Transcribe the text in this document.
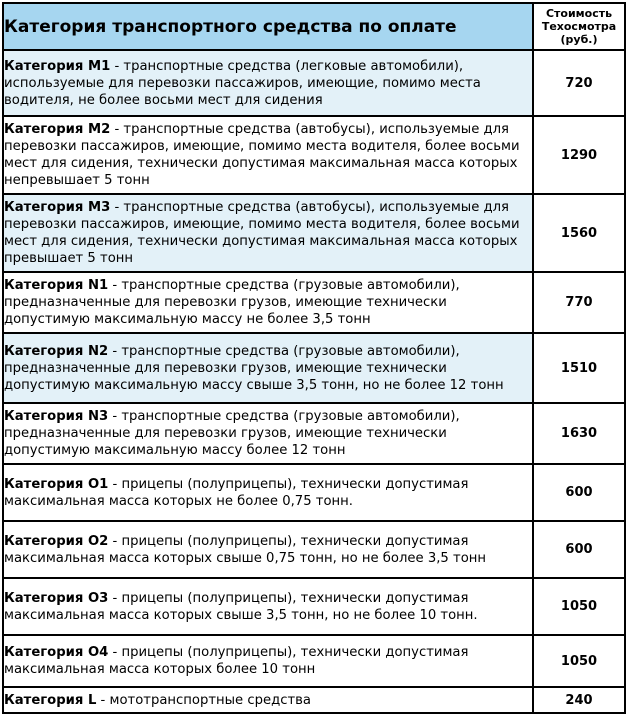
Категория транспортного средства по оплате	Стоимость
Техосмотра
(руб.)
Категория М1 - транспортные средства (легковые автомобили), используемые для перевозки пассажиров, имеющие, помимо места водителя, не более восьми мест для сидения	720
Категория М2 - транспортные средства (автобусы), используемые для перевозки пассажиров, имеющие, помимо места водителя, более восьми мест для сидения, технически допустимая максимальная масса которых непревышает 5 тонн	1290
Категория М3 - транспортные средства (автобусы), используемые для перевозки пассажиров, имеющие, помимо места водителя, более восьми мест для сидения, технически допустимая максимальная масса которых превышает 5 тонн	1560
Категория N1 - транспортные средства (грузовые автомобили), предназначенные для перевозки грузов, имеющие технически допустимую максимальную массу не более 3,5 тонн	770
Категория N2 - транспортные средства (грузовые автомобили), предназначенные для перевозки грузов, имеющие технически допустимую максимальную массу свыше 3,5 тонн, но не более 12 тонн	1510
Категория N3 - транспортные средства (грузовые автомобили), предназначенные для перевозки грузов, имеющие технически допустимую максимальную массу более 12 тонн	1630
Категория O1 - прицепы (полуприцепы), технически допустимая максимальная масса которых не более 0,75 тонн.	600
Категория O2 - прицепы (полуприцепы), технически допустимая максимальная масса которых свыше 0,75 тонн, но не более 3,5 тонн	600
Категория O3 - прицепы (полуприцепы), технически допустимая максимальная масса которых свыше 3,5 тонн, но не более 10 тонн.	1050
Категория O4 - прицепы (полуприцепы), технически допустимая максимальная масса которых более 10 тонн	1050
Категория L - мототранспортные средства	240
